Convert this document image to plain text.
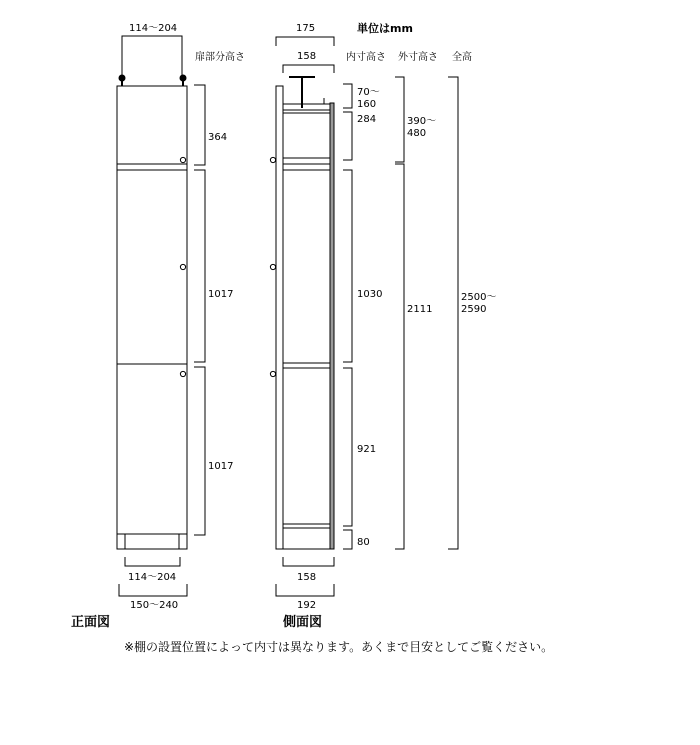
単位はmm
扉部分高さ	内寸高さ 外寸高さ 全高
114～204
364
1017
1017
114～204
150～240
正面図
175
158
70～ 160
284
1030
921
80
158
192
側面図
390～ 480
2111
2500～ 2590
※棚の設置位置によって内寸は異なります。あくまで目安としてご覧ください。
